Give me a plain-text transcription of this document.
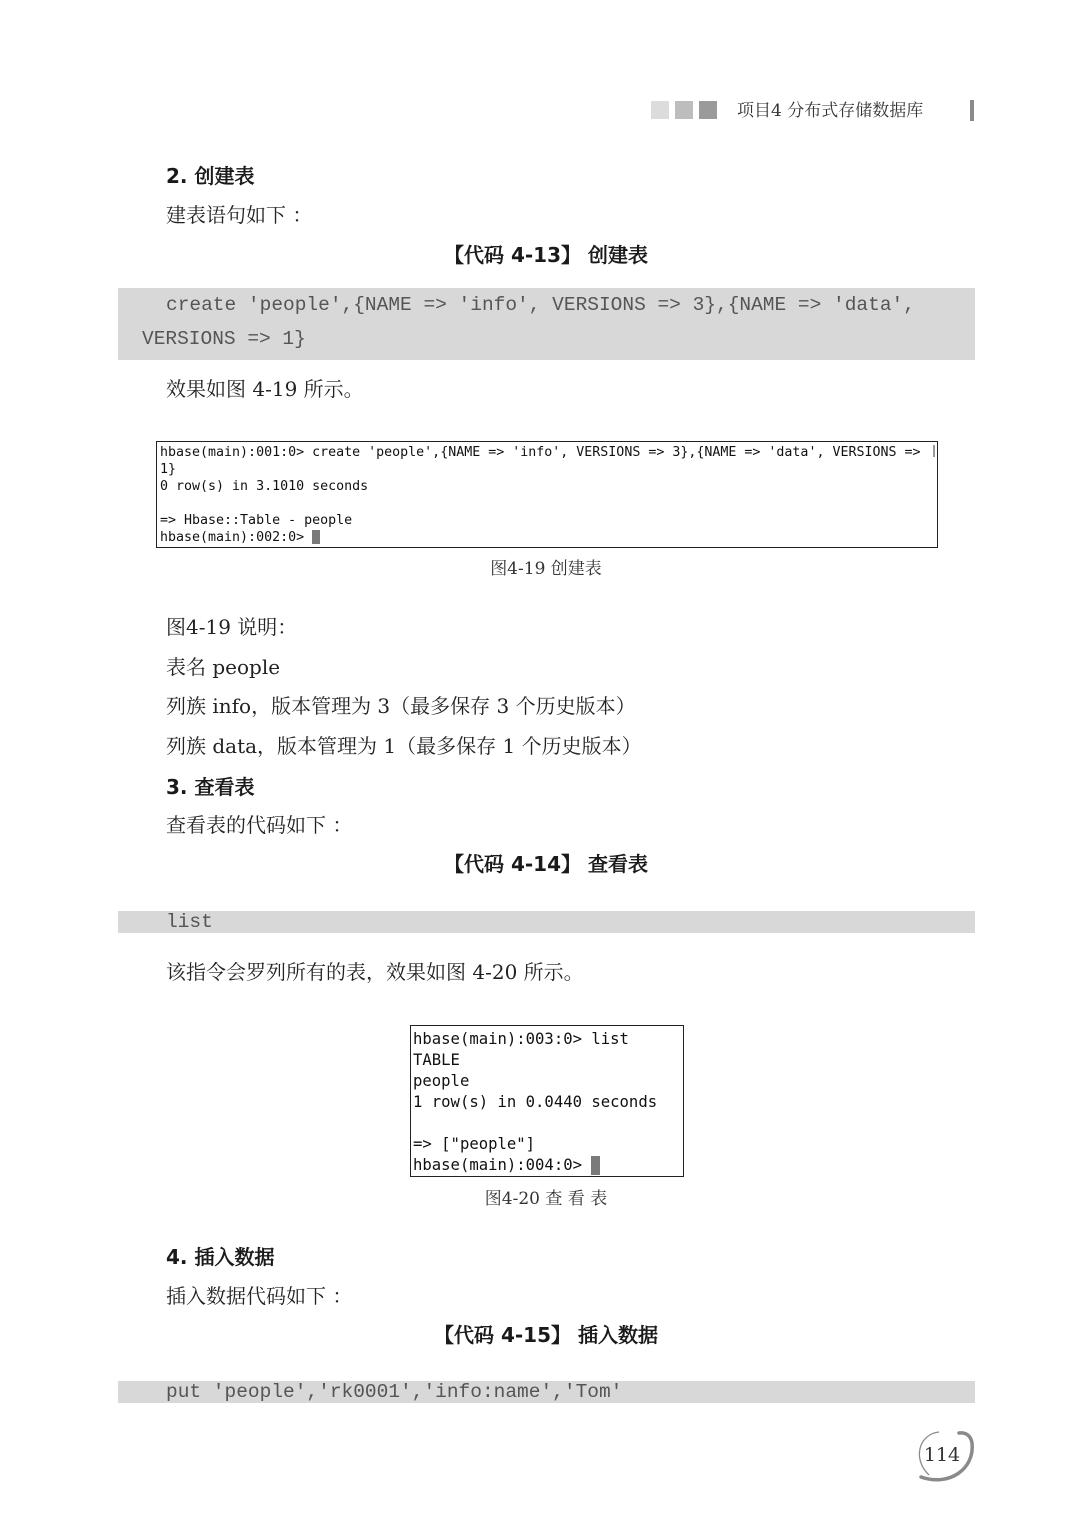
项目4 分布式存储数据库
2. 创建表
建表语句如下 ：
【代码 4-13】 创建表
create 'people',{NAME => 'info', VERSIONS => 3},{NAME => 'data',
VERSIONS => 1}
效果如图 4-19 所示。
hbase(main):001:0> create 'people',{NAME => 'info', VERSIONS => 3},{NAME => 'data', VERSIONS =>
1}
0 row(s) in 3.1010 seconds
=> Hbase::Table - people
hbase(main):002:0>
图4-19 创建表
图4-19 说明：
表名 people
列族 info，版本管理为 3（最多保存 3 个历史版本）
列族 data，版本管理为 1（最多保存 1 个历史版本）
3. 查看表
查看表的代码如下 ：
【代码 4-14】 查看表
list
该指令会罗列所有的表，效果如图 4-20 所示。
hbase(main):003:0> list
TABLE
people
1 row(s) in 0.0440 seconds
=> ["people"]
hbase(main):004:0>
图4-20 查 看 表
4. 插入数据
插入数据代码如下 ：
【代码 4-15】 插入数据
put 'people','rk0001','info:name','Tom'
114
